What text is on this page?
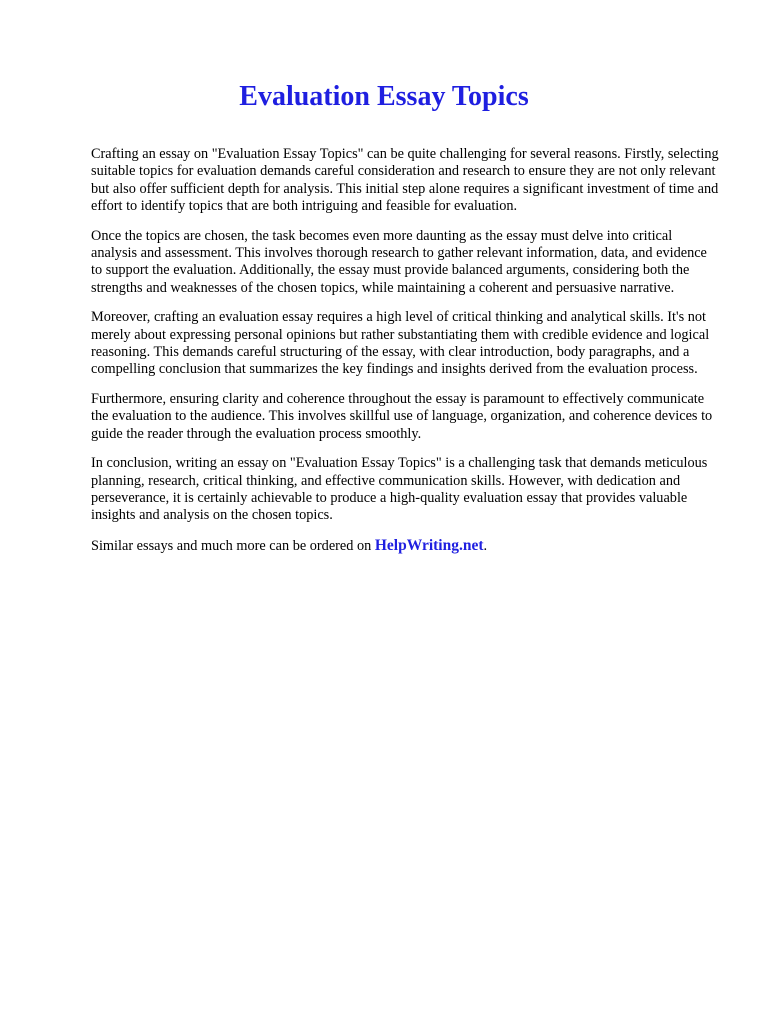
Evaluation Essay Topics

Crafting an essay on "Evaluation Essay Topics" can be quite challenging for several reasons. Firstly, selecting suitable topics for evaluation demands careful consideration and research to ensure they are not only relevant but also offer sufficient depth for analysis. This initial step alone requires a significant investment of time and effort to identify topics that are both intriguing and feasible for evaluation.

Once the topics are chosen, the task becomes even more daunting as the essay must delve into critical analysis and assessment. This involves thorough research to gather relevant information, data, and evidence to support the evaluation. Additionally, the essay must provide balanced arguments, considering both the strengths and weaknesses of the chosen topics, while maintaining a coherent and persuasive narrative.

Moreover, crafting an evaluation essay requires a high level of critical thinking and analytical skills. It's not merely about expressing personal opinions but rather substantiating them with credible evidence and logical reasoning. This demands careful structuring of the essay, with clear introduction, body paragraphs, and a compelling conclusion that summarizes the key findings and insights derived from the evaluation process.

Furthermore, ensuring clarity and coherence throughout the essay is paramount to effectively communicate the evaluation to the audience. This involves skillful use of language, organization, and coherence devices to guide the reader through the evaluation process smoothly.

In conclusion, writing an essay on "Evaluation Essay Topics" is a challenging task that demands meticulous planning, research, critical thinking, and effective communication skills. However, with dedication and perseverance, it is certainly achievable to produce a high-quality evaluation essay that provides valuable insights and analysis on the chosen topics.

Similar essays and much more can be ordered on HelpWriting.net.
